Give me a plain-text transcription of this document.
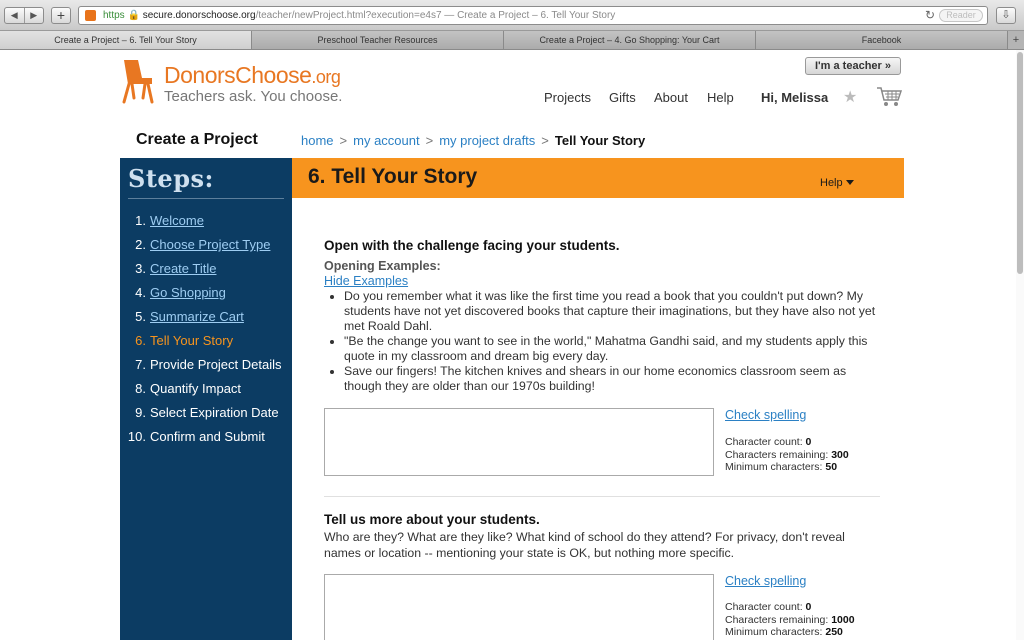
◀	▶	+	https 🔒 secure.donorschoose.org/teacher/newProject.html?execution=e4s7 — Create a Project – 6. Tell Your Story	↻	Reader	⇩
Create a Project – 6. Tell Your Story	Preschool Teacher Resources	Create a Project – 4. Go Shopping: Your Cart	Facebook	+
DonorsChoose.org
Teachers ask. You choose.
I'm a teacher »
Projects Gifts About Help Hi, Melissa ★
Create a Project	home > my account > my project drafts > Tell Your Story
Steps:
1. Welcome
2. Choose Project Type
3. Create Title
4. Go Shopping
5. Summarize Cart
6. Tell Your Story
7. Provide Project Details
8. Quantify Impact
9. Select Expiration Date
10. Confirm and Submit
6. Tell Your Story	Help
Open with the challenge facing your students.
Opening Examples:
Hide Examples
• Do you remember what it was like the first time you read a book that you couldn't put down? My students have not yet discovered books that capture their imaginations, but they have also not yet met Roald Dahl.
• "Be the change you want to see in the world," Mahatma Gandhi said, and my students apply this quote in my classroom and dream big every day.
• Save our fingers! The kitchen knives and shears in our home economics classroom seem as though they are older than our 1970s building!
Check spelling
Character count: 0
Characters remaining: 300
Minimum characters: 50
Tell us more about your students.
Who are they? What are they like? What kind of school do they attend? For privacy, don't reveal names or location -- mentioning your state is OK, but nothing more specific.
Check spelling
Character count: 0
Characters remaining: 1000
Minimum characters: 250
